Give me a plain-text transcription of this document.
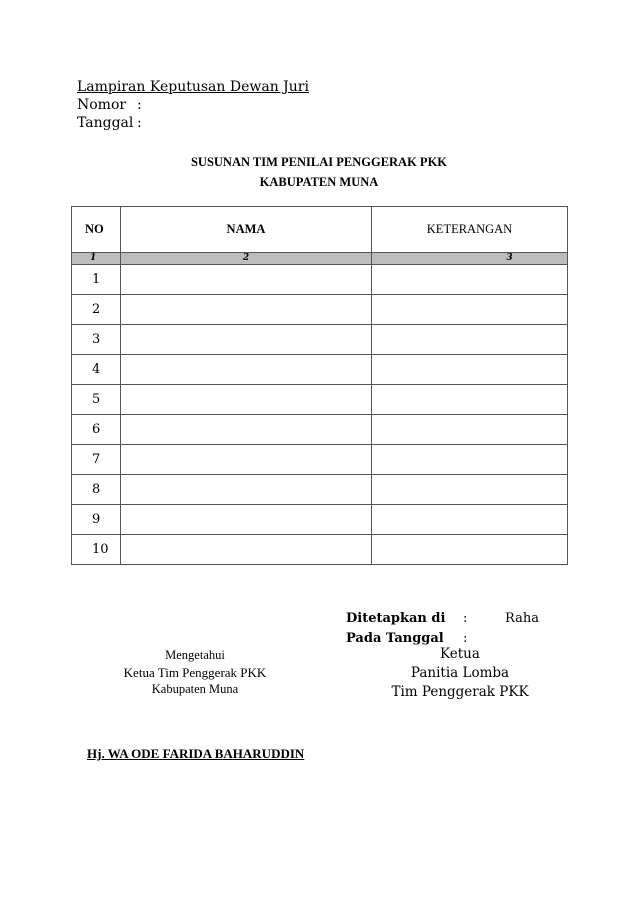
Lampiran Keputusan Dewan Juri
Nomor :
Tanggal :
SUSUNAN TIM PENILAI PENGGERAK PKK
KABUPATEN MUNA
NO	NAMA	KETERANGAN
1	2	3
1		
2		
3		
4		
5		
6		
7		
8		
9		
10		
Ditetapkan di	:	Raha
Pada Tanggal	:
Mengetahui
Ketua Tim Penggerak PKK
Kabupaten Muna
Ketua
Panitia Lomba
Tim Penggerak PKK
Hj. WA ODE FARIDA BAHARUDDIN
